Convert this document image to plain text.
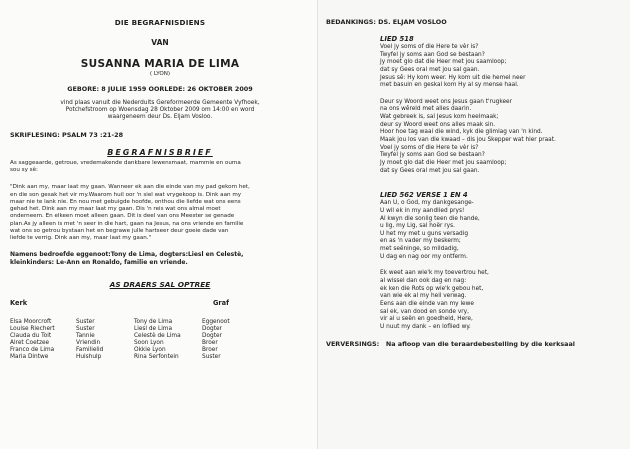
DIE BEGRAFNISDIENS
VAN
SUSANNA MARIA DE LIMA
( LYON)
GEBORE: 8 JULIE 1959 OORLEDE: 26 OKTOBER 2009
vind plaas vanuit die Nederduits Gereformeerde Gemeente Vyfhoek,
Potchefstroom op Woensdag 28 Oktober 2009 om 14:00 en word
waargeneem deur Ds. Eljam Vosloo.
SKRIFLESING: PSALM 73 :21-28
BEGRAFNISBRIEF
As saggeaarde, getroue, vredemakende dankbare lewensmaat, mammie en ouma
sou sy sê:
"Dink aan my, maar laat my gaan. Wanneer ek aan die einde van my pad gekom het,
en die son gesak het vir my.Waarom huil oor 'n siel wat vrygekoop is. Dink aan my
maar nie te lank nie. En nou met gebuigde hoofde, onthou die liefde wat ons eens
gehad het. Dink aan my maar laat my gaan. Dis 'n reis wat ons almal moet
onderneem. En elkeen moet alleen gaan. Dit is deel van ons Meester se genade
plan.As jy alleen is met 'n seer in die hart, gaan na Jesus, na ons vriende en familie
wat ons so getrou bystaan het en begrawe julle hartseer deur goeie dade van
liefde te verrig. Dink aan my, maar laat my gaan."
Namens bedroefde eggenoot:Tony de Lima, dogters:Liesl en Celestè,
kleinkinders: Le-Ann en Ronaldo, familie en vriende.
AS DRAERS SAL OPTREE
Kerk	Graf
Elsa Moorcroft	Suster	Tony de Lima	Eggenoot
Louise Riechert	Suster	Liesl de Lima	Dogter
Clauda du Toit	Tannie	Celestè de Lima	Dogter
Alret Coetzee	Vriendin	Soon Lyon	Broer
Franco de Lima	Familielid	Okkie Lyon	Broer
Maria Dintwe	Huishulp	Rina Serfontein	Suster
BEDANKINGS: DS. ELJAM VOSLOO
LIED 518
Voel jy soms of die Here te vèr is?
Twyfel jy soms aan God se bestaan?
Jy moet glo dat die Heer met jou saamloop;
dat sy Gees oral met jou sal gaan.
Jesus sê: Hy kom weer. Hy kom uit die hemel neer
met basuin en geskal kom Hy al sy mense haal.
Deur sy Woord weet ons Jesus gaan t'rugkeer
na ons wêreld met alles daarin.
Wat gebreek is, sal Jesus kom heelmaak;
deur sy Woord weet ons alles maak sin.
Hoor hoe tag waai die wind, kyk die glimlag van 'n kind.
Maak jou los van die kwaad – dis jou Skepper wat hier praat.
Voel jy soms of die Here te vèr is?
Twyfel jy soms aan God se bestaan?
Jy moet glo dat die Heer met jou saamloop;
dat sy Gees oral met jou sal gaan.
LIED 562 VERSE 1 EN 4
Aan U, o God, my dankgesange-
U wil ek in my aandlied prys!
Al kwyn die sonlig teen die hande,
u lig, my Lig, sal hoër rys.
U het my met u guns versadig
en as 'n vader my beskerm;
met seëninge, so mildadig,
U dag en nag oor my ontferm.
Ek weet aan wie'k my toevertrou het,
al wissel dan ook dag en nag:
ek ken die Rots op wie'k gebou het,
van wie ek al my heil verwag.
Eens aan die einde van my lewe
sal ek, van dood en sonde vry,
vir al u seën en goedheid, Here,
U nuut my dank – en loflied wy.
VERVERSINGS: Na afloop van die teraardebestelling by die kerksaal
